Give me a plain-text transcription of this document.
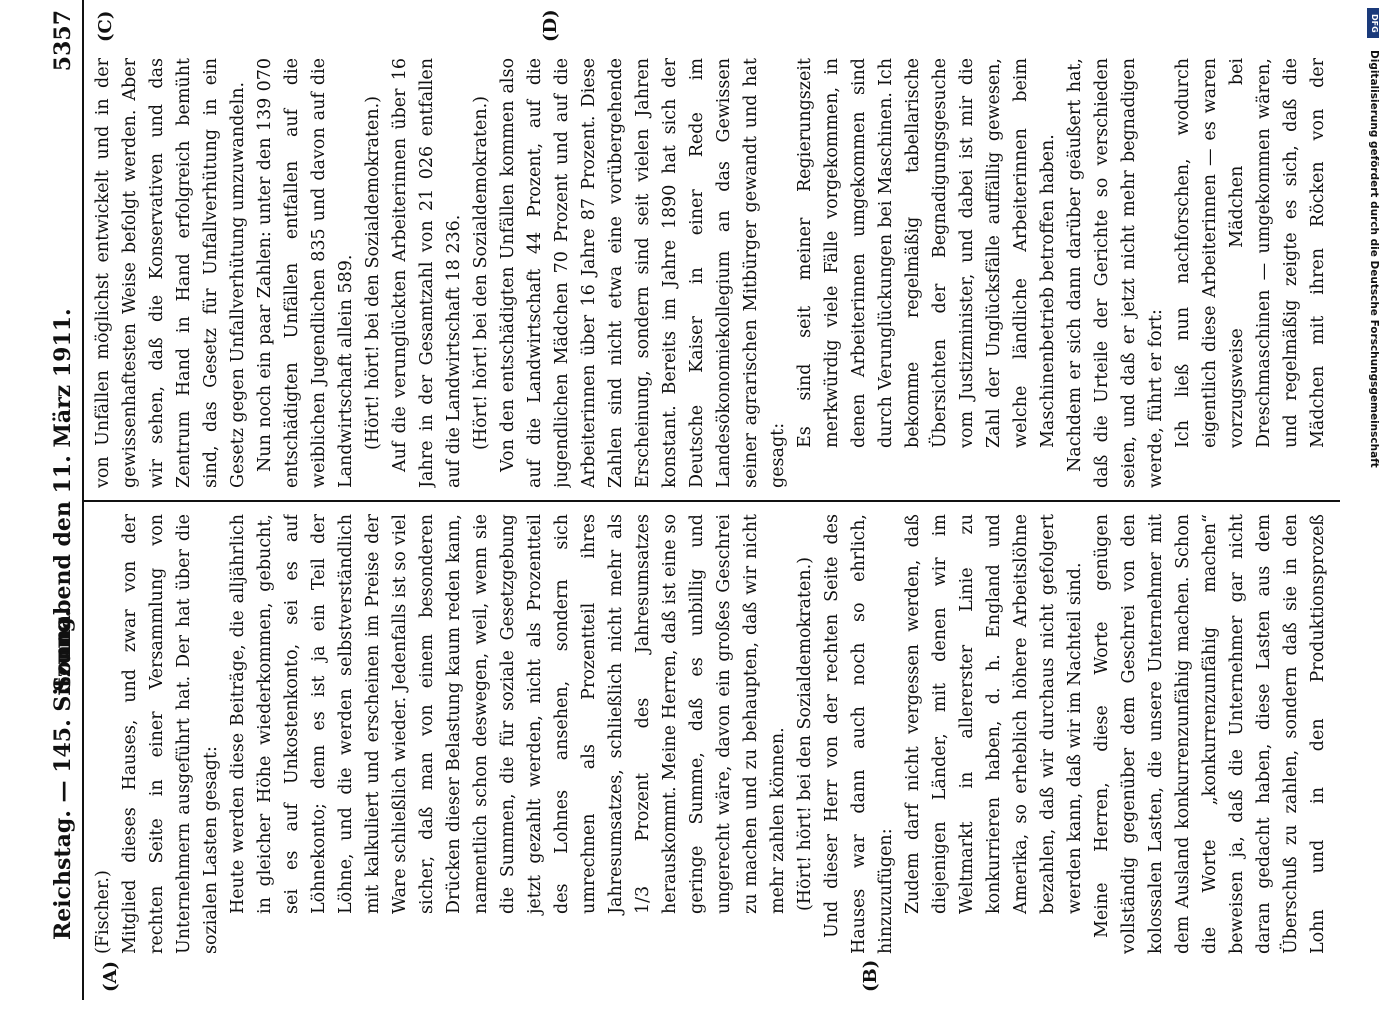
Reichstag. — 145. Sitzung.
Sonnabend den 11. März 1911.
5357
(A)	(B)
(C)	(D)

(Fischer.) Mitglied dieses Hauses, und zwar von der rechten Seite in einer Versammlung von Unternehmern ausgeführt hat. Der hat über die sozialen Lasten gesagt: Heute werden diese Beiträge, die alljährlich in gleicher Höhe wiederkommen, gebucht, sei es auf Unkostenkonto, sei es auf Löhnekonto; denn es ist ja ein Teil der Löhne, und die werden selbstverständlich mit kalkuliert und erscheinen im Preise der Ware schließlich wieder. Jedenfalls ist so viel sicher, daß man von einem besonderen Drücken dieser Belastung kaum reden kann, namentlich schon deswegen, weil, wenn sie die Summen, die für soziale Gesetzgebung jetzt gezahlt werden, nicht als Prozentteil des Lohnes ansehen, sondern sich umrechnen als Prozentteil ihres Jahresumsatzes, schließlich nicht mehr als 1/3 Prozent des Jahresumsatzes herauskommt. Meine Herren, daß ist eine so geringe Summe, daß es unbillig und ungerecht wäre, davon ein großes Geschrei zu machen und zu behaupten, daß wir nicht mehr zahlen können. (Hört! hört! bei den Sozialdemokraten.) Und dieser Herr von der rechten Seite des Hauses war dann auch noch so ehrlich, hinzuzufügen: Zudem darf nicht vergessen werden, daß diejenigen Länder, mit denen wir im Weltmarkt in allererster Linie zu konkurrieren haben, d. h. England und Amerika, so erheblich höhere Arbeitslöhne bezahlen, daß wir durchaus nicht gefolgert werden kann, daß wir im Nachteil sind. Meine Herren, diese Worte genügen vollständig gegenüber dem Geschrei von den kolossalen Lasten, die unsere Unternehmer mit dem Ausland konkurrenzunfähig machen. Schon die Worte „konkurrenzunfähig machen“ beweisen ja, daß die Unternehmer gar nicht daran gedacht haben, diese Lasten aus dem Überschuß zu zahlen, sondern daß sie in den Lohn und in den Produktionsprozeß

von Unfällen möglichst entwickelt und in der gewissenhaftesten Weise befolgt werden. Aber wir sehen, daß die Konservativen und das Zentrum Hand in Hand erfolgreich bemüht sind, das Gesetz für Unfallverhütung in ein Gesetz gegen Unfallverhütung umzuwandeln. Nun noch ein paar Zahlen: unter den 139 070 entschädigten Unfällen entfallen auf die weiblichen Jugendlichen 835 und davon auf die Landwirtschaft allein 589. (Hört! hört! bei den Sozialdemokraten.) Auf die verunglückten Arbeiterinnen über 16 Jahre in der Gesamtzahl von 21 026 entfallen auf die Landwirtschaft 18 236. (Hört! hört! bei den Sozialdemokraten.) Von den entschädigten Unfällen kommen also auf die Landwirtschaft 44 Prozent, auf die jugendlichen Mädchen 70 Prozent und auf die Arbeiterinnen über 16 Jahre 87 Prozent. Diese Zahlen sind nicht etwa eine vorübergehende Erscheinung, sondern sind seit vielen Jahren konstant. Bereits im Jahre 1890 hat sich der Deutsche Kaiser in einer Rede im Landesökonomiekollegium an das Gewissen seiner agrarischen Mitbürger gewandt und hat gesagt:

Es sind seit meiner Regierungszeit merkwürdig viele Fälle vorgekommen, in denen Arbeiterinnen umgekommen sind durch Verunglückungen bei Maschinen. Ich bekomme regelmäßig tabellarische Übersichten der Begnadigungsgesuche vom Justizminister, und dabei ist mir die Zahl der Unglücksfälle auffällig gewesen, welche ländliche Arbeiterinnen beim Maschinenbetrieb betroffen haben. Nachdem er sich dann darüber geäußert hat, daß die Urteile der Gerichte so verschieden seien, und daß er jetzt nicht mehr begnadigen werde, führt er fort: Ich ließ nun nachforschen, wodurch eigentlich diese Arbeiterinnen — es waren vorzugsweise Mädchen bei Dreschmaschinen — umgekommen wären, und regelmäßig zeigte es sich, daß die Mädchen mit ihren Röcken von der

DFG
Digitalisierung gefördert durch die Deutsche Forschungsgemeinschaft
